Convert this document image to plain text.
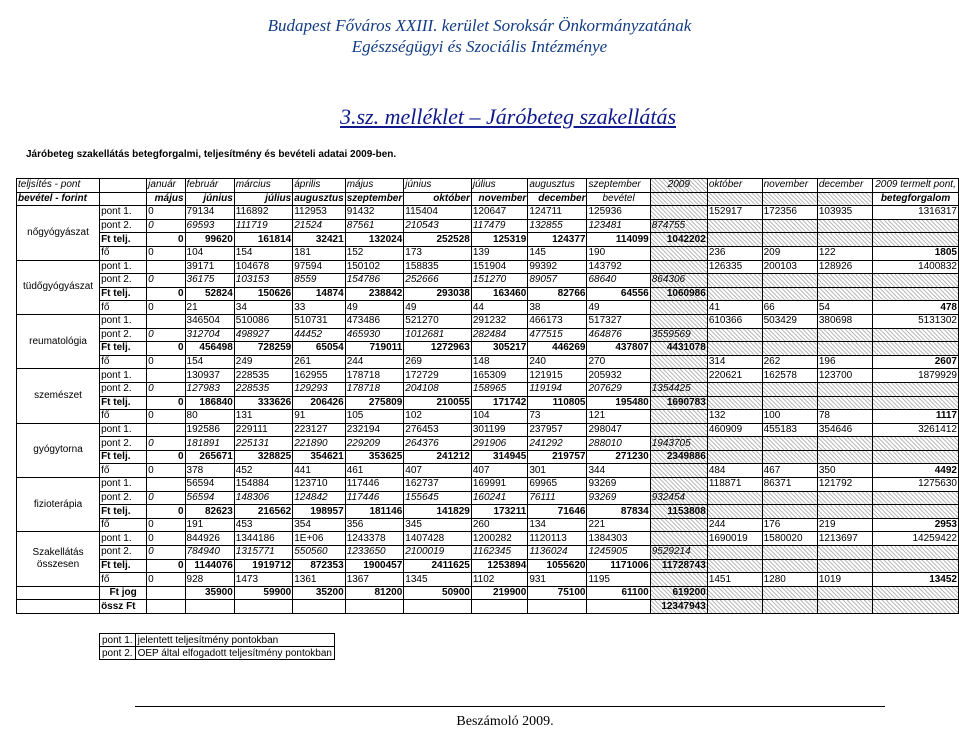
Budapest Főváros XXIII. kerület Soroksár Önkormányzatának
Egészségügyi és Szociális Intézménye
3.sz. melléklet – Járóbeteg szakellátás
Járóbeteg szakellátás betegforgalmi, teljesítmény és bevételi adatai 2009-ben.
teljsítés - pont		január	február	március	április	május	június	július	augusztus	szeptember	2009	október	november	december	2009 termelt pont,
bevétel - forint		május	június	július	augusztus	szeptember	október	november	december	bevétel					betegforgalom
nőgyógyászat	pont 1.	0	79134	116892	112953	91432	115404	120647	124711	125936		152917	172356	103935	1316317
	pont 2.	0	69593	111719	21524	87561	210543	117479	132855	123481	874755				
	Ft telj.	0	99620	161814	32421	132024	252528	125319	124377	114099	1042202				
	fő	0	104	154	181	152	173	139	145	190		236	209	122	1805
tüdőgyógyászat	pont 1.		39171	104678	97594	150102	158835	151904	99392	143792		126335	200103	128926	1400832
	pont 2.	0	36175	103153	8559	154786	252666	151270	89057	68640	864306				
	Ft telj.	0	52824	150626	14874	238842	293038	163460	82766	64556	1060986				
	fő	0	21	34	33	49	49	44	38	49		41	66	54	478
reumatológia	pont 1.		346504	510086	510731	473486	521270	291232	466173	517327		610366	503429	380698	5131302
	pont 2.	0	312704	498927	44452	465930	1012681	282484	477515	464876	3559569				
	Ft telj.	0	456498	728259	65054	719011	1272963	305217	446269	437807	4431078				
	fő	0	154	249	261	244	269	148	240	270		314	262	196	2607
szemészet	pont 1.		130937	228535	162955	178718	172729	165309	121915	205932		220621	162578	123700	1879929
	pont 2.	0	127983	228535	129293	178718	204108	158965	119194	207629	1354425				
	Ft telj.	0	186840	333626	206426	275809	210055	171742	110805	195480	1690783				
	fő	0	80	131	91	105	102	104	73	121		132	100	78	1117
gyógytorna	pont 1.		192586	229111	223127	232194	276453	301199	237957	298047		460909	455183	354646	3261412
	pont 2.	0	181891	225131	221890	229209	264376	291906	241292	288010	1943705				
	Ft telj.	0	265671	328825	354621	353625	241212	314945	219757	271230	2349886				
	fő	0	378	452	441	461	407	407	301	344		484	467	350	4492
fizioterápia	pont 1.		56594	154884	123710	117446	162737	169991	69965	93269		118871	86371	121792	1275630
	pont 2.	0	56594	148306	124842	117446	155645	160241	76111	93269	932454				
	Ft telj.	0	82623	216562	198957	181146	141829	173211	71646	87834	1153808				
	fő	0	191	453	354	356	345	260	134	221		244	176	219	2953
Szakellátás összesen	pont 1.	0	844926	1344186	1E+06	1243378	1407428	1200282	1120113	1384303		1690019	1580020	1213697	14259422
	pont 2.	0	784940	1315771	550560	1233650	2100019	1162345	1136024	1245905	9529214				
	Ft telj.	0	1144076	1919712	872353	1900457	2411625	1253894	1055620	1171006	11728743				
	fő	0	928	1473	1361	1367	1345	1102	931	1195		1451	1280	1019	13452
	Ft jog		35900	59900	35200	81200	50900	219900	75100	61100	619200				
	össz Ft										12347943				
pont 1.	jelentett teljesítmény pontokban
pont 2.	OEP által elfogadott teljesítmény pontokban
Beszámoló 2009.
